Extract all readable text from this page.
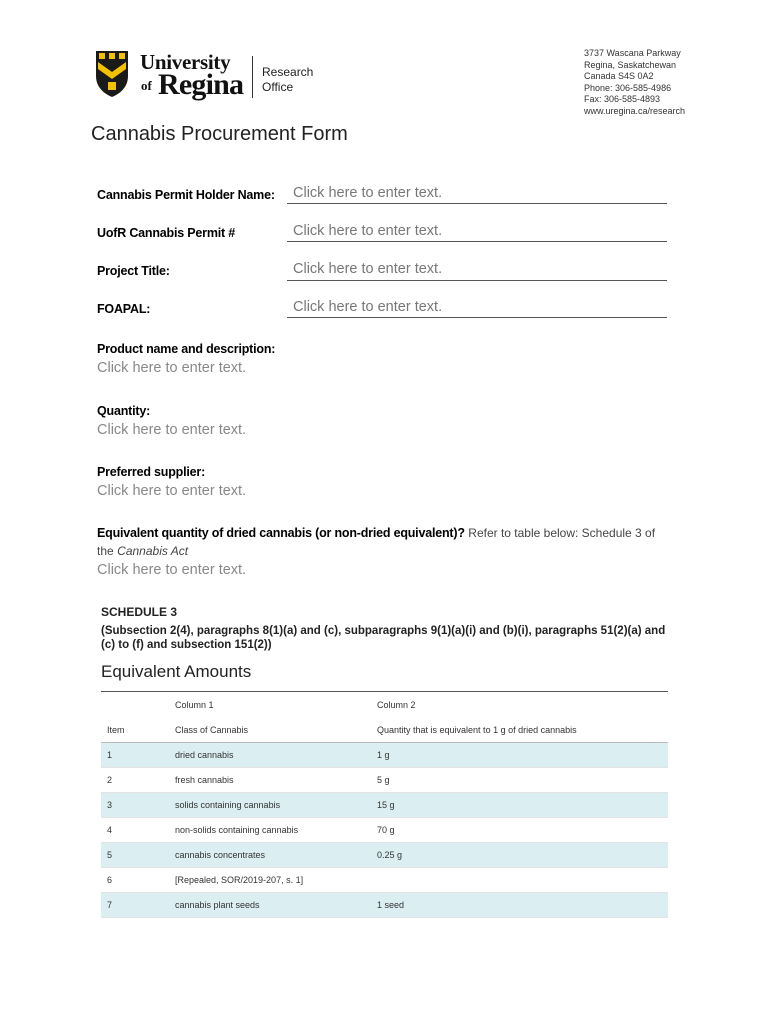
University
of Regina Research
Office
3737 Wascana Parkway
Regina, Saskatchewan
Canada S4S 0A2
Phone: 306-585-4986
Fax: 306-585-4893
www.uregina.ca/research
Cannabis Procurement Form
Cannabis Permit Holder Name: Click here to enter text.
UofR Cannabis Permit #	Click here to enter text.
Project Title:	Click here to enter text.
FOAPAL:	Click here to enter text.
Product name and description:
Click here to enter text.
Quantity:
Click here to enter text.
Preferred supplier:
Click here to enter text.
Equivalent quantity of dried cannabis (or non-dried equivalent)? Refer to table below: Schedule 3 of the Cannabis Act
Click here to enter text.
SCHEDULE 3
(Subsection 2(4), paragraphs 8(1)(a) and (c), subparagraphs 9(1)(a)(i) and (b)(i), paragraphs 51(2)(a) and (c) to (f) and subsection 151(2))
Equivalent Amounts
	Column 1	Column 2
Item	Class of Cannabis	Quantity that is equivalent to 1 g of dried cannabis
1	dried cannabis	1 g
2	fresh cannabis	5 g
3	solids containing cannabis	15 g
4	non-solids containing cannabis	70 g
5	cannabis concentrates	0.25 g
6	[Repealed, SOR/2019-207, s. 1]	
7	cannabis plant seeds	1 seed
